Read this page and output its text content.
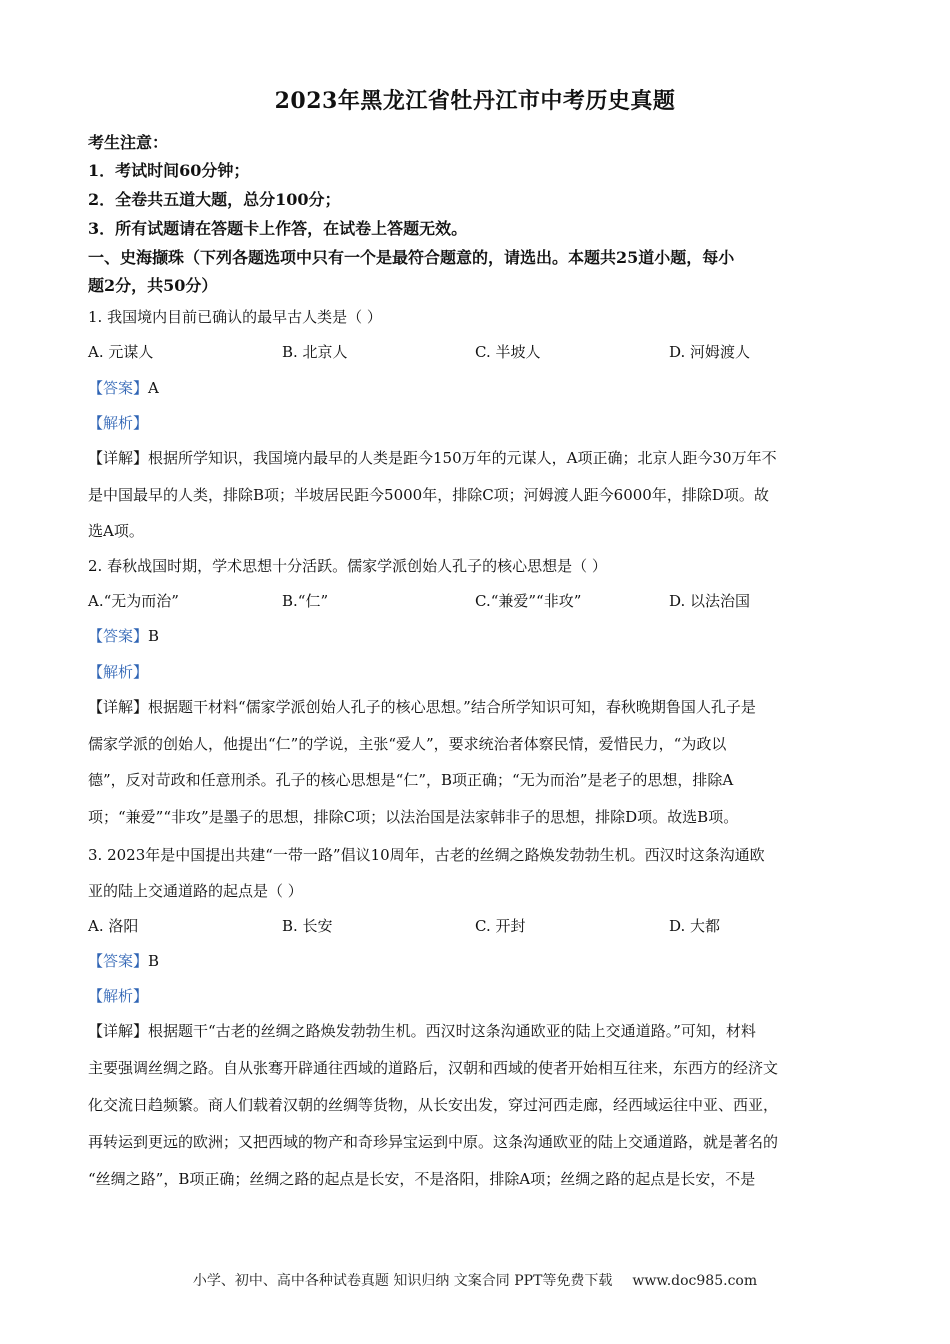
2023年黑龙江省牡丹江市中考历史真题
考生注意：
1．考试时间60分钟；
2．全卷共五道大题，总分100分；
3．所有试题请在答题卡上作答，在试卷上答题无效。
一、史海撷珠（下列各题选项中只有一个是最符合题意的，请选出。本题共25道小题，每小
题2分，共50分）
1. 我国境内目前已确认的最早古人类是（ ）
A. 元谋人	B. 北京人	C. 半坡人	D. 河姆渡人
【答案】A
【解析】
【详解】根据所学知识，我国境内最早的人类是距今150万年的元谋人，A项正确；北京人距今30万年不
是中国最早的人类，排除B项；半坡居民距今5000年，排除C项；河姆渡人距今6000年，排除D项。故
选A项。
2. 春秋战国时期，学术思想十分活跃。儒家学派创始人孔子的核心思想是（ ）
A.“无为而治”	B.“仁”	C.“兼爱”“非攻”	D. 以法治国
【答案】B
【解析】
【详解】根据题干材料“儒家学派创始人孔子的核心思想。”结合所学知识可知，春秋晚期鲁国人孔子是
儒家学派的创始人，他提出“仁”的学说，主张“爱人”，要求统治者体察民情，爱惜民力，“为政以
德”，反对苛政和任意刑杀。孔子的核心思想是“仁”，B项正确；“无为而治”是老子的思想，排除A
项；“兼爱”“非攻”是墨子的思想，排除C项；以法治国是法家韩非子的思想，排除D项。故选B项。
3. 2023年是中国提出共建“一带一路”倡议10周年，古老的丝绸之路焕发勃勃生机。西汉时这条沟通欧
亚的陆上交通道路的起点是（ ）
A. 洛阳	B. 长安	C. 开封	D. 大都
【答案】B
【解析】
【详解】根据题干“古老的丝绸之路焕发勃勃生机。西汉时这条沟通欧亚的陆上交通道路。”可知，材料
主要强调丝绸之路。自从张骞开辟通往西域的道路后，汉朝和西域的使者开始相互往来，东西方的经济文
化交流日趋频繁。商人们载着汉朝的丝绸等货物，从长安出发，穿过河西走廊，经西域运往中亚、西亚，
再转运到更远的欧洲；又把西域的物产和奇珍异宝运到中原。这条沟通欧亚的陆上交通道路，就是著名的
“丝绸之路”，B项正确；丝绸之路的起点是长安，不是洛阳，排除A项；丝绸之路的起点是长安，不是
小学、初中、高中各种试卷真题 知识归纳 文案合同 PPT等免费下载 www.doc985.com
